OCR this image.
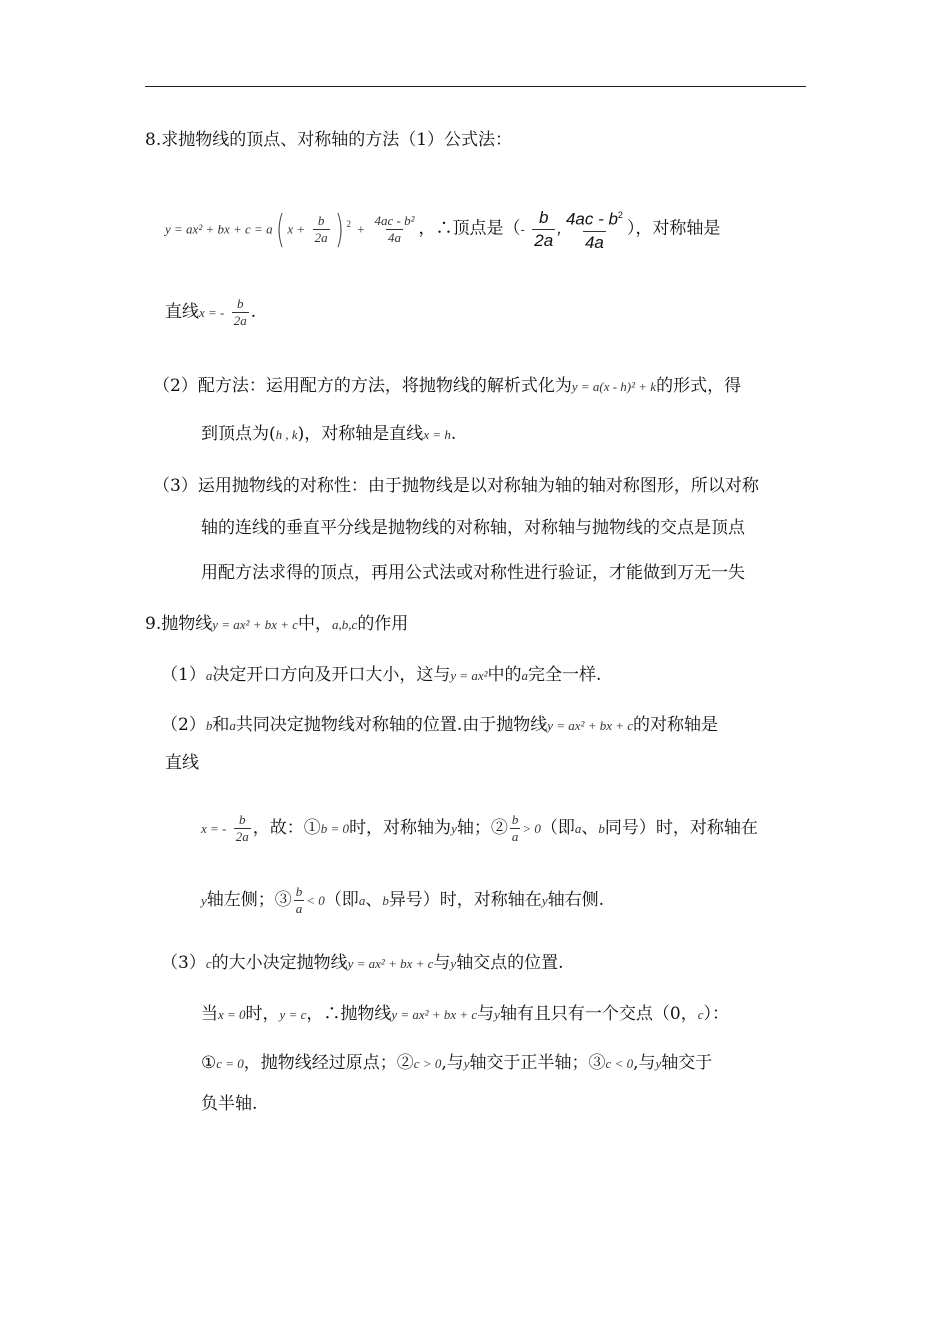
8.求抛物线的顶点、对称轴的方法（1）公式法：
y = ax² + bx + c = a( $x + \frac{b}{2a}$ ) $^2 + \frac{\text{4ac - b²}}{4a}$ ，∴顶点是（- $\frac{b}{2a}$ , $\frac{4ac - b^2}{4a}$ ），对称轴是
直线x = - $\frac{b}{2a}$ .
（2）配方法：运用配方的方法，将抛物线的解析式化为y = a(x - h)² + k的形式，得
到顶点为(h , k)，对称轴是直线x = h.
（3）运用抛物线的对称性：由于抛物线是以对称轴为轴的轴对称图形，所以对称
轴的连线的垂直平分线是抛物线的对称轴，对称轴与抛物线的交点是顶点
用配方法求得的顶点，再用公式法或对称性进行验证，才能做到万无一失
9.抛物线y = ax² + bx + c中，a,b,c的作用
（1）a决定开口方向及开口大小，这与y = ax²中的a完全一样.
（2）b和a共同决定抛物线对称轴的位置.由于抛物线y = ax² + bx + c的对称轴是
直线
x = - $\frac{b}{2a}$ ，故：①b = 0时，对称轴为y轴；② $\frac{b}{a} > 0$（即a、b同号）时，对称轴在
y轴左侧；③ $\frac{b}{a} < 0$（即a、b异号）时，对称轴在y轴右侧.
（3）c的大小决定抛物线y = ax² + bx + c与y轴交点的位置.
当x = 0时，y = c，∴抛物线y = ax² + bx + c与y轴有且只有一个交点（0，c）：
①c = 0，抛物线经过原点；②c > 0,与y轴交于正半轴；③c < 0,与y轴交于
负半轴.
